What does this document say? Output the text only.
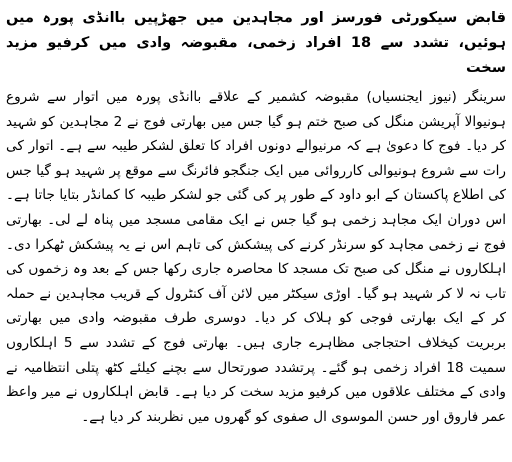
قابض سیکورٹی فورسز اور مجاہدین میں جھڑپیں باانڈی پورہ میں ہوئیں، تشدد سے 18 افراد زخمی، مقبوضہ وادی میں کرفیو مزید سخت

سرینگر (نیوز ایجنسیاں) مقبوضہ کشمیر کے علاقے باانڈی پورہ میں اتوار سے شروع ہونیوالا آپریشن منگل کی صبح ختم ہو گیا جس میں بھارتی فوج نے 2 مجاہدین کو شہید کر دیا۔ فوج کا دعویٰ ہے کہ مرنیوالے دونوں افراد کا تعلق لشکر طیبہ سے ہے۔ اتوار کی رات سے شروع ہونیوالی کارروائی میں ایک جنگجو فائرنگ سے موقع پر شہید ہو گیا جس کی اطلاع پاکستان کے ابو داود کے طور پر کی گئی جو لشکر طیبہ کا کمانڈر بتایا جاتا ہے۔ اس دوران ایک مجاہد زخمی ہو گیا جس نے ایک مقامی مسجد میں پناہ لے لی۔ بھارتی فوج نے زخمی مجاہد کو سرنڈر کرنے کی پیشکش کی تاہم اس نے یہ پیشکش ٹھکرا دی۔ اہلکاروں نے منگل کی صبح تک مسجد کا محاصرہ جاری رکھا جس کے بعد وہ زخموں کی تاب نہ لا کر شہید ہو گیا۔ اوڑی سیکٹر میں لائن آف کنٹرول کے قریب مجاہدین نے حملہ کر کے ایک بھارتی فوجی کو ہلاک کر دیا۔ دوسری طرف مقبوضہ وادی میں بھارتی بربریت کیخلاف احتجاجی مظاہرے جاری ہیں۔ بھارتی فوج کے تشدد سے 5 اہلکاروں سمیت 18 افراد زخمی ہو گئے۔ پرتشدد صورتحال سے بچنے کیلئے کٹھ پتلی انتظامیہ نے وادی کے مختلف علاقوں میں کرفیو مزید سخت کر دیا ہے۔ قابض اہلکاروں نے میر واعظ عمر فاروق اور حسن الموسوی ال صفوی کو گھروں میں نظربند کر دیا ہے۔
